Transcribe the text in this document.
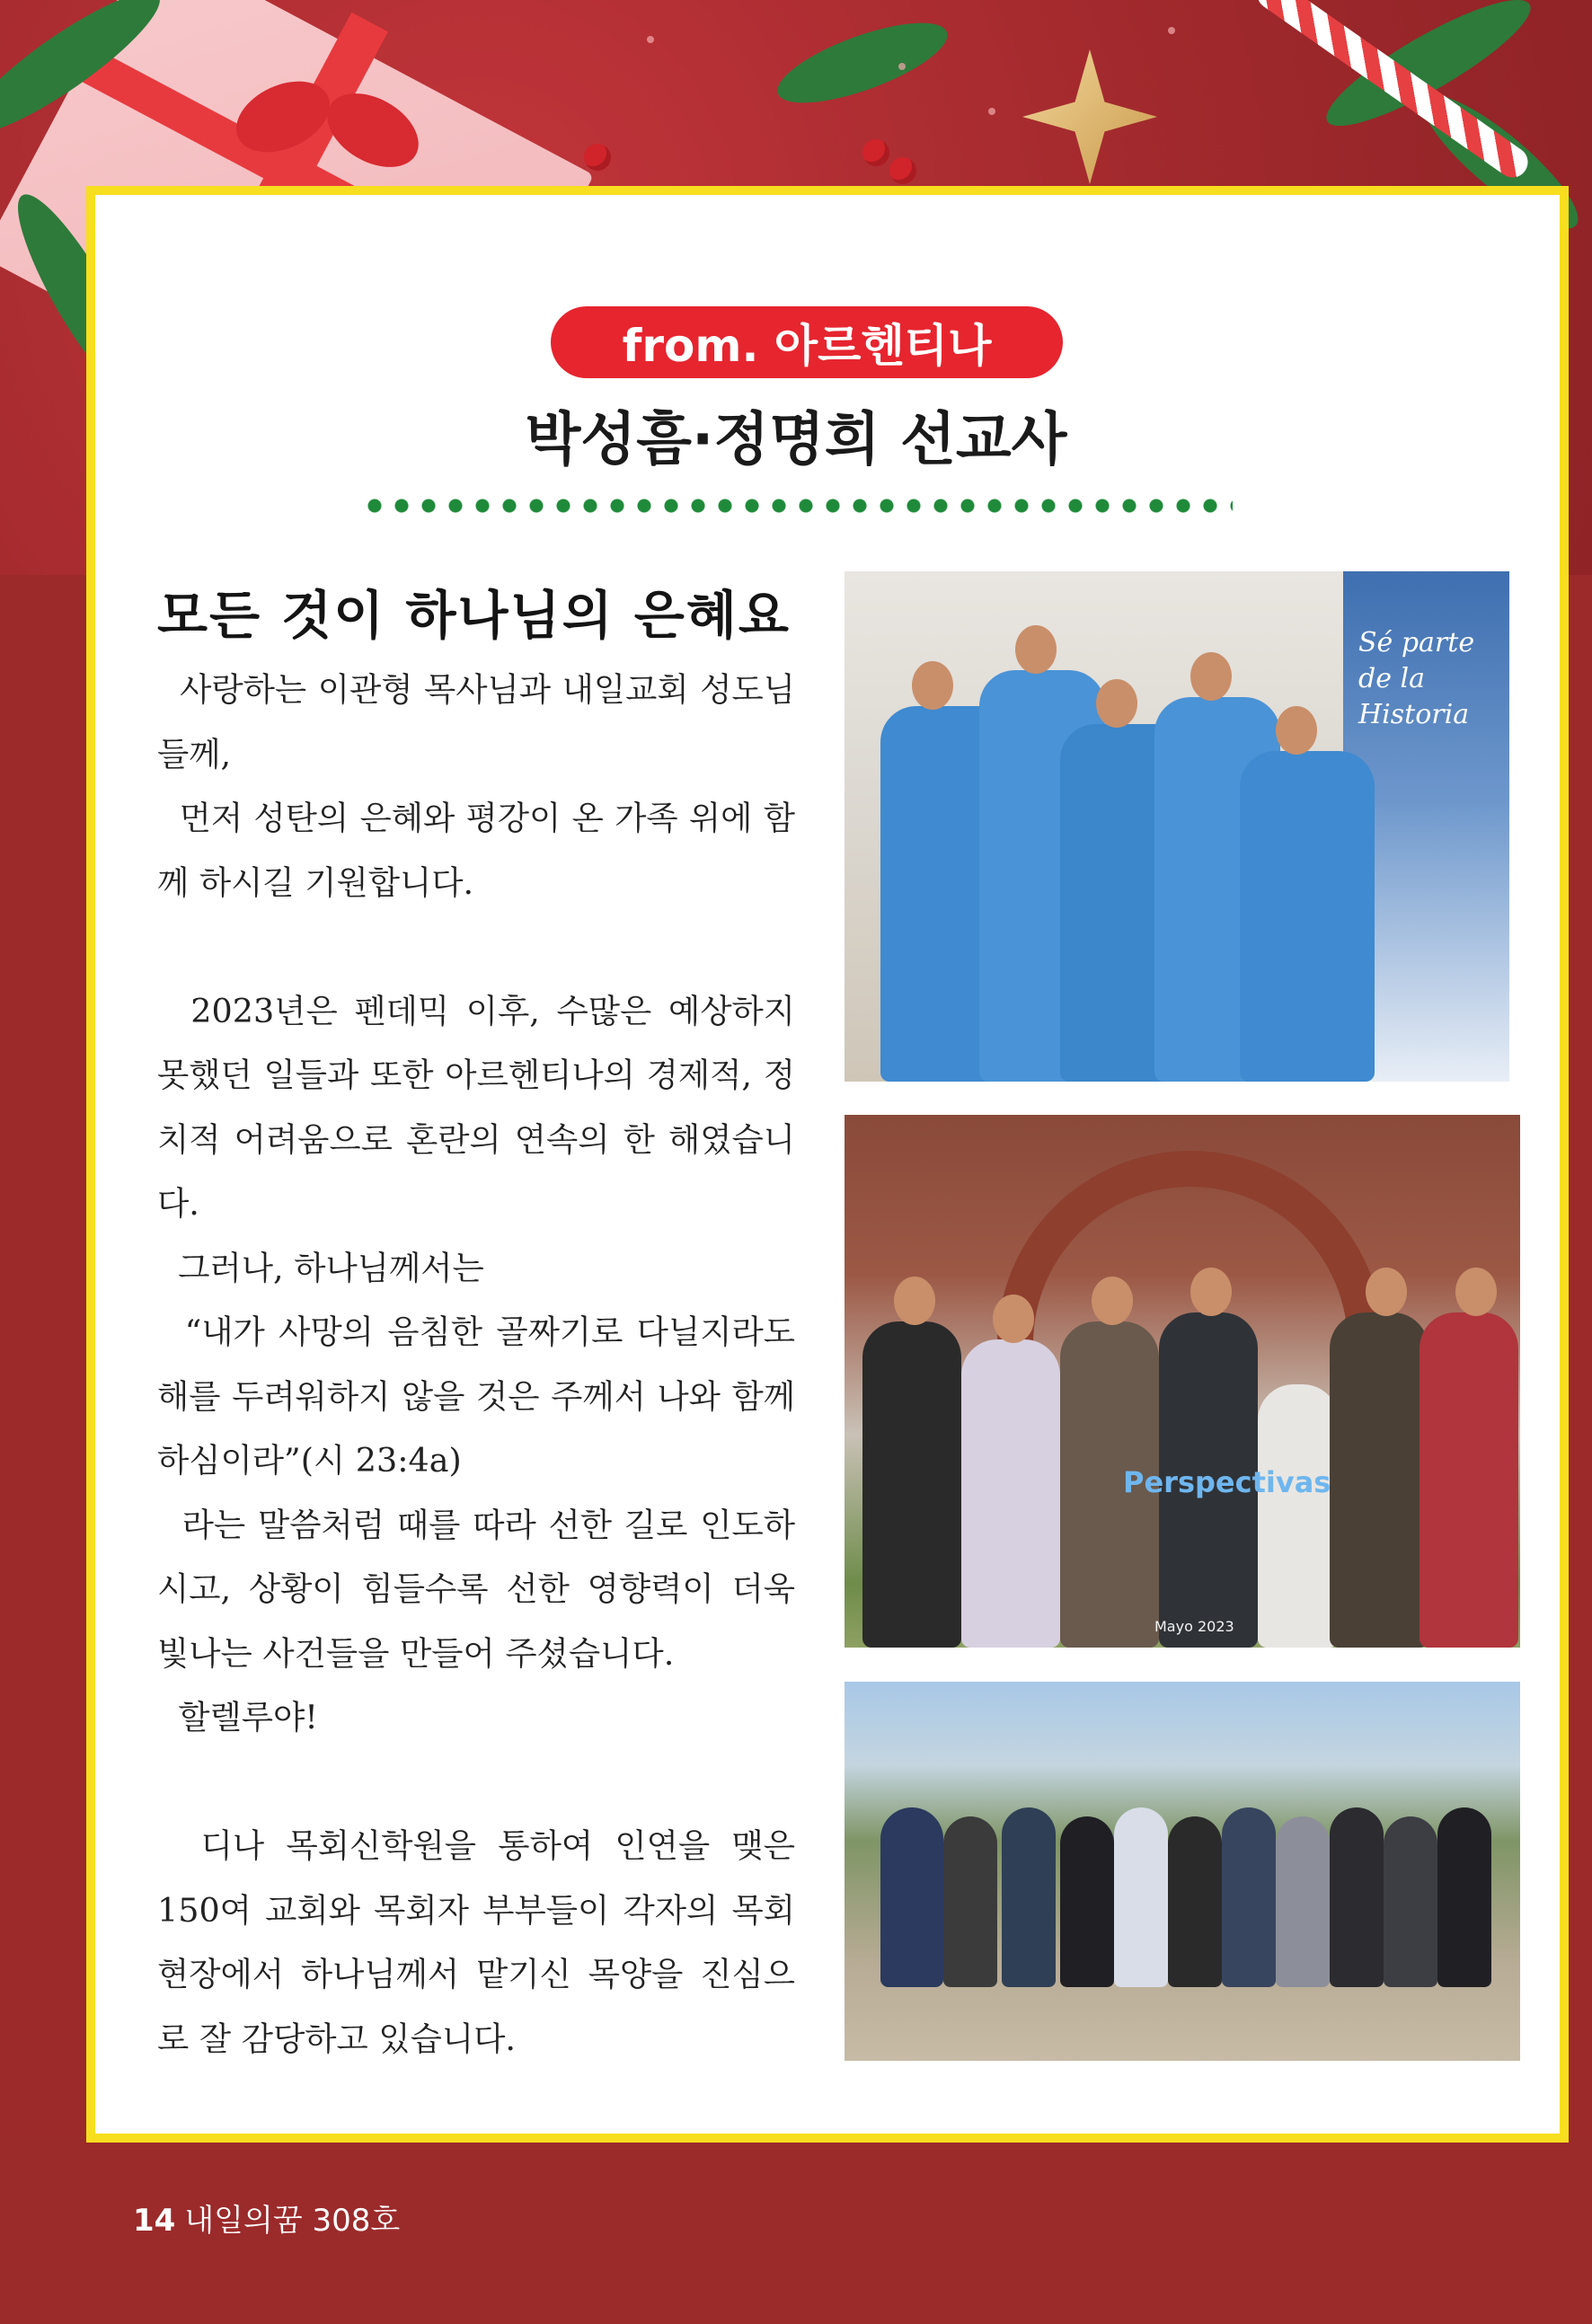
from. 아르헨티나
박성흠·정명희 선교사
모든 것이 하나님의 은혜요

사랑하는 이관형 목사님과 내일교회 성도님들께,

먼저 성탄의 은혜와 평강이 온 가족 위에 함께 하시길 기원합니다.

2023년은 펜데믹 이후, 수많은 예상하지 못했던 일들과 또한 아르헨티나의 경제적, 정치적 어려움으로 혼란의 연속의 한 해였습니다.

그러나, 하나님께서는

“내가 사망의 음침한 골짜기로 다닐지라도 해를 두려워하지 않을 것은 주께서 나와 함께 하심이라”(시 23:4a)

라는 말씀처럼 때를 따라 선한 길로 인도하시고, 상황이 힘들수록 선한 영향력이 더욱 빛나는 사건들을 만들어 주셨습니다.

할렐루야!

디나 목회신학원을 통하여 인연을 맺은 150여 교회와 목회자 부부들이 각자의 목회 현장에서 하나님께서 맡기신 목양을 진심으로 잘 감당하고 있습니다.

Sé parte de la Historia
Perspectivas
Mayo 2023
14 내일의꿈 308호
